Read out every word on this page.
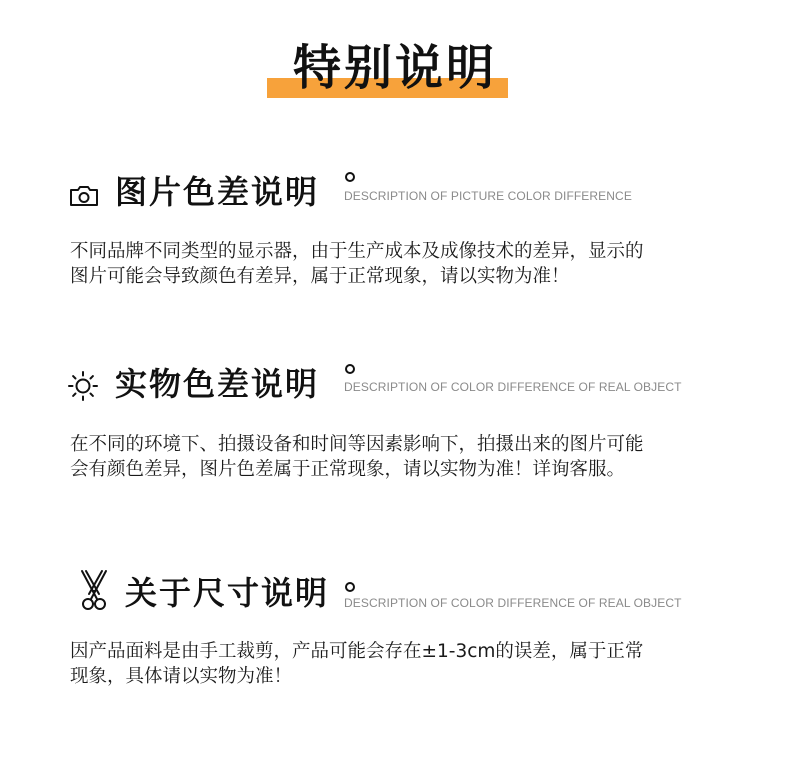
特别说明
图片色差说明 DESCRIPTION OF PICTURE COLOR DIFFERENCE
不同品牌不同类型的显示器，由于生产成本及成像技术的差异，显示的
图片可能会导致颜色有差异，属于正常现象，请以实物为准！
实物色差说明 DESCRIPTION OF COLOR DIFFERENCE OF REAL OBJECT
在不同的环境下、拍摄设备和时间等因素影响下，拍摄出来的图片可能
会有颜色差异，图片色差属于正常现象，请以实物为准！详询客服。
关于尺寸说明 DESCRIPTION OF COLOR DIFFERENCE OF REAL OBJECT
因产品面料是由手工裁剪，产品可能会存在±1-3cm的误差，属于正常
现象，具体请以实物为准！
